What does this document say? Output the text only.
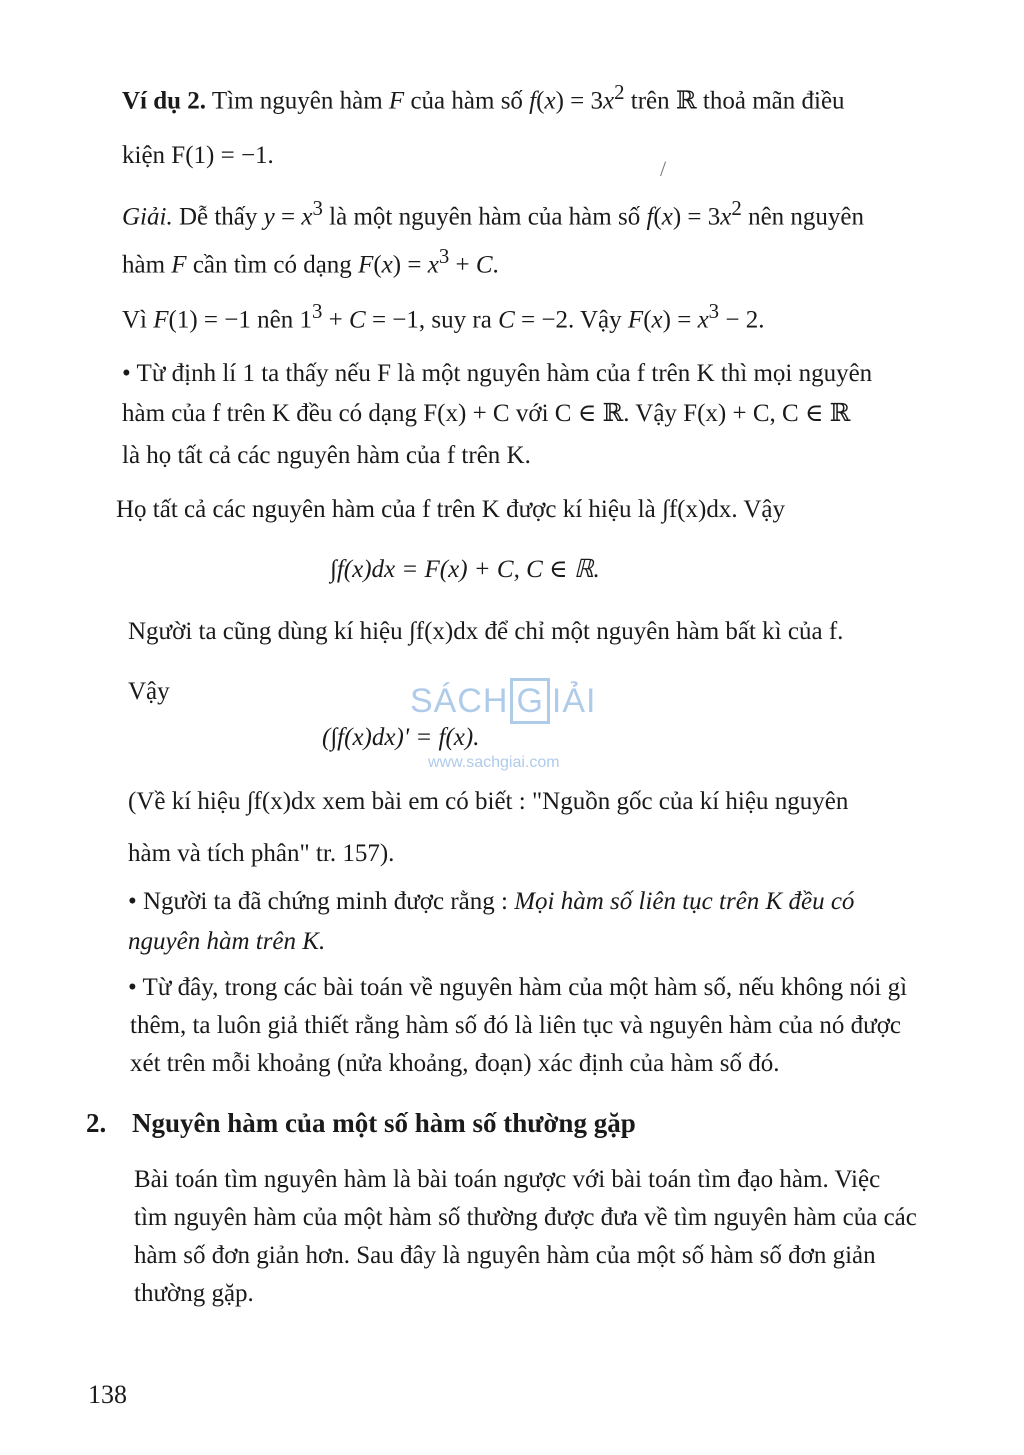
Ví dụ 2. Tìm nguyên hàm F của hàm số $f(x) = 3x^2$ trên ℝ thoả mãn điều
kiện F(1) = −1.	/
Giải. Dễ thấy $y = x^3$ là một nguyên hàm của hàm số $f(x) = 3x^2$ nên nguyên
hàm F cần tìm có dạng $F(x) = x^3 + C$.
Vì F(1) = −1 nên $1^3 + C = -1$, suy ra C = −2. Vậy $F(x) = x^3 - 2$.
• Từ định lí 1 ta thấy nếu F là một nguyên hàm của f trên K thì mọi nguyên
hàm của f trên K đều có dạng F(x) + C với C ∈ ℝ. Vậy F(x) + C, C ∈ ℝ
là họ tất cả các nguyên hàm của f trên K.
Họ tất cả các nguyên hàm của f trên K được kí hiệu là ∫f(x)dx. Vậy
∫f(x)dx = F(x) + C, C ∈ ℝ.
Người ta cũng dùng kí hiệu ∫f(x)dx để chỉ một nguyên hàm bất kì của f.
Vậy
(∫f(x)dx)' = f(x).
(Về kí hiệu ∫f(x)dx xem bài em có biết : "Nguồn gốc của kí hiệu nguyên
hàm và tích phân" tr. 157).
• Người ta đã chứng minh được rằng : Mọi hàm số liên tục trên K đều có
nguyên hàm trên K.
• Từ đây, trong các bài toán về nguyên hàm của một hàm số, nếu không nói gì
thêm, ta luôn giả thiết rằng hàm số đó là liên tục và nguyên hàm của nó được
xét trên mỗi khoảng (nửa khoảng, đoạn) xác định của hàm số đó.
2. Nguyên hàm của một số hàm số thường gặp
Bài toán tìm nguyên hàm là bài toán ngược với bài toán tìm đạo hàm. Việc
tìm nguyên hàm của một hàm số thường được đưa về tìm nguyên hàm của các
hàm số đơn giản hơn. Sau đây là nguyên hàm của một số hàm số đơn giản
thường gặp.
SÁCH G IẢI
www.sachgiai.com
138
